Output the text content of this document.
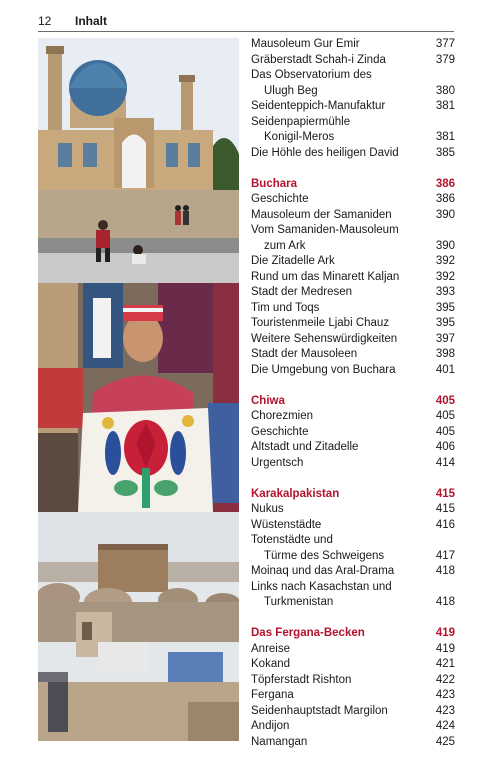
12 Inhalt
Mausoleum Gur Emir	377
Gräberstadt Schah-i Zinda	379
Das Observatorium des
Ulugh Beg	380
Seidenteppich-Manufaktur	381
Seidenpapiermühle
Konigil-Meros	381
Die Höhle des heiligen David	385
Buchara	386
Geschichte	386
Mausoleum der Samaniden	390
Vom Samaniden-Mausoleum
zum Ark	390
Die Zitadelle Ark	392
Rund um das Minarett Kaljan	392
Stadt der Medresen	393
Tim und Toqs	395
Touristenmeile Ljabi Chauz	395
Weitere Sehenswürdigkeiten	397
Stadt der Mausoleen	398
Die Umgebung von Buchara	401
Chiwa	405
Chorezmien	405
Geschichte	405
Altstadt und Zitadelle	406
Urgentsch	414
Karakalpakistan	415
Nukus	415
Wüstenstädte	416
Totenstädte und
Türme des Schweigens	417
Moinaq und das Aral-Drama	418
Links nach Kasachstan und
Turkmenistan	418
Das Fergana-Becken	419
Anreise	419
Kokand	421
Töpferstadt Rishton	422
Fergana	423
Seidenhauptstadt Margilon	423
Andijon	424
Namangan	425
